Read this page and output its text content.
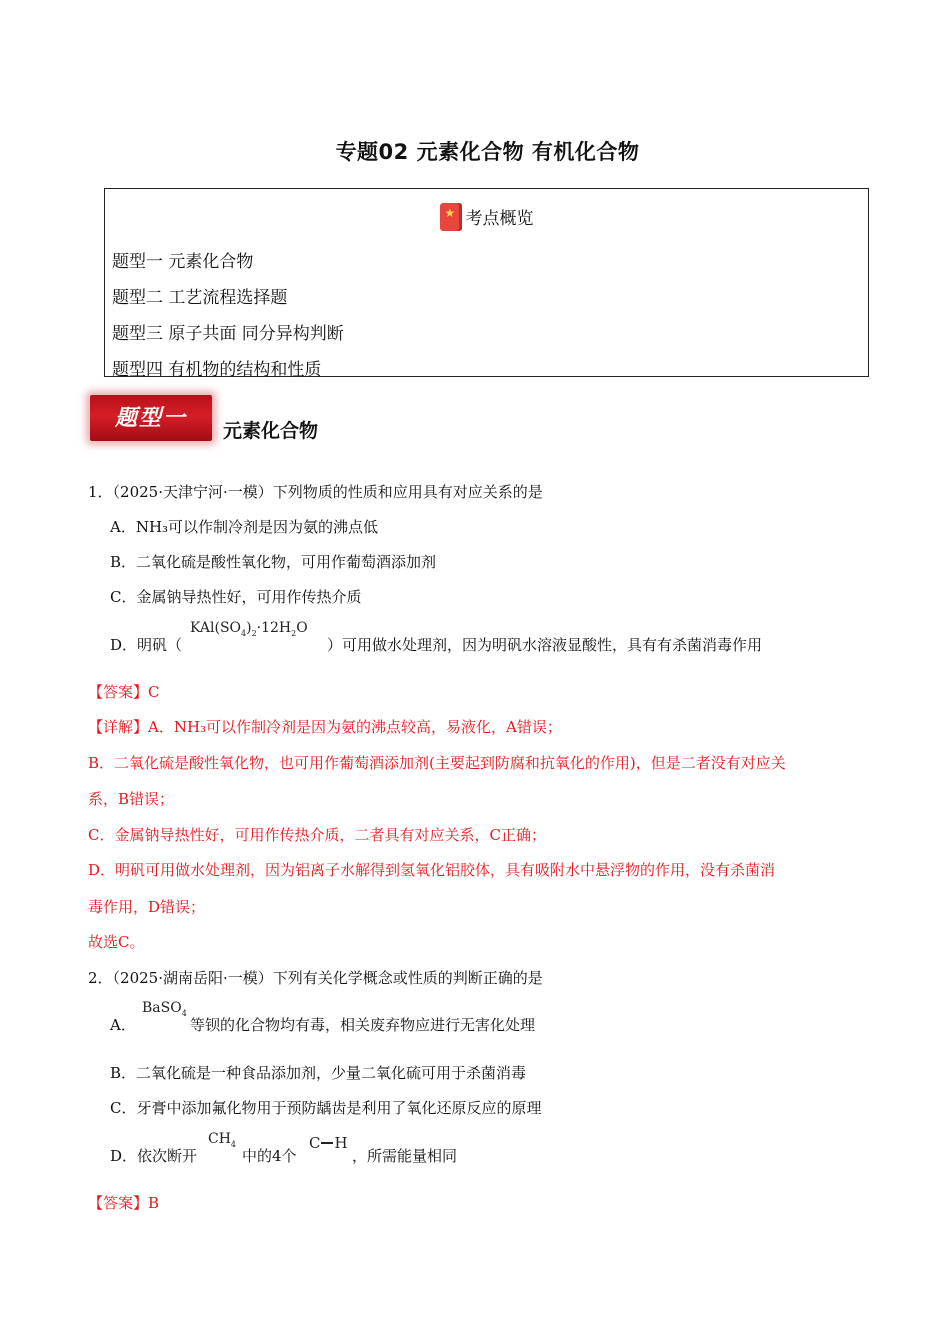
专题02 元素化合物 有机化合物
★考点概览
题型一 元素化合物
题型二 工艺流程选择题
题型三 原子共面 同分异构判断
题型四 有机物的结构和性质
题型一	元素化合物
1．（2025·天津宁河·一模）下列物质的性质和应用具有对应关系的是
A．NH₃可以作制冷剂是因为氨的沸点低
B．二氧化硫是酸性氧化物，可用作葡萄酒添加剂
C．金属钠导热性好，可用作传热介质
D．明矾（
$KAl(SO_4)_2\cdot 12H_2O$
）可用做水处理剂，因为明矾水溶液显酸性，具有有杀菌消毒作用
【答案】C
【详解】A．NH₃可以作制冷剂是因为氨的沸点较高，易液化，A错误；
B．二氧化硫是酸性氧化物，也可用作葡萄酒添加剂(主要起到防腐和抗氧化的作用)，但是二者没有对应关
系，B错误；
C．金属钠导热性好，可用作传热介质，二者具有对应关系，C正确；
D．明矾可用做水处理剂，因为铝离子水解得到氢氧化铝胶体，具有吸附水中悬浮物的作用，没有杀菌消
毒作用，D错误；
故选C。
2．（2025·湖南岳阳·一模）下列有关化学概念或性质的判断正确的是
A．
BaSO$_4$
等钡的化合物均有毒，相关废弃物应进行无害化处理
B．二氧化硫是一种食品添加剂，少量二氧化硫可用于杀菌消毒
C．牙膏中添加氟化物用于预防龋齿是利用了氧化还原反应的原理
D．依次断开
$CH_4$
中的4个
C H
，所需能量相同
【答案】B
